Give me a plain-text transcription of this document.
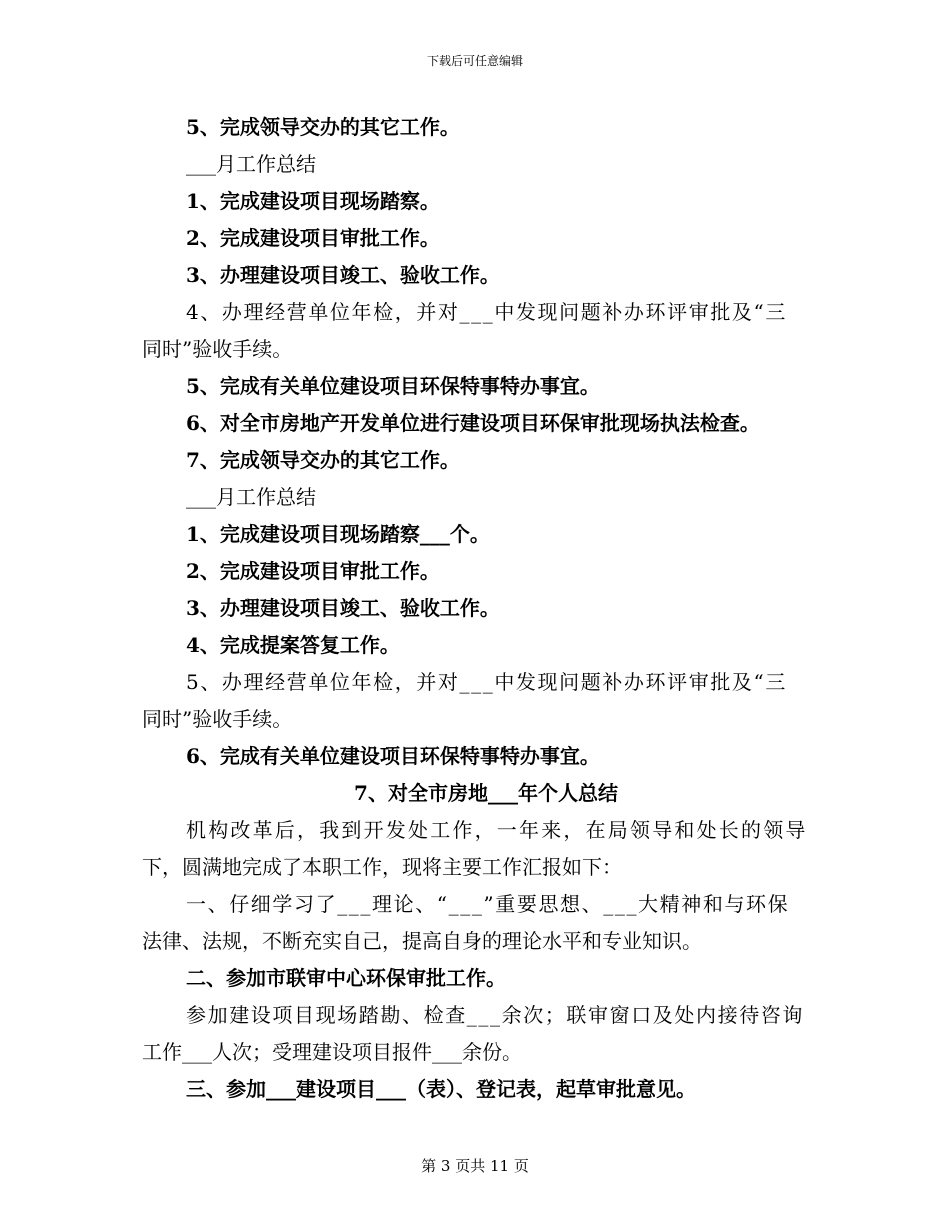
下载后可任意编辑

5、完成领导交办的其它工作。

___月工作总结

1、完成建设项目现场踏察。

2、完成建设项目审批工作。

3、办理建设项目竣工、验收工作。

4、办理经营单位年检，并对___中发现问题补办环评审批及“三

同时”验收手续。

5、完成有关单位建设项目环保特事特办事宜。

6、对全市房地产开发单位进行建设项目环保审批现场执法检查。

7、完成领导交办的其它工作。

___月工作总结

1、完成建设项目现场踏察___个。

2、完成建设项目审批工作。

3、办理建设项目竣工、验收工作。

4、完成提案答复工作。

5、办理经营单位年检，并对___中发现问题补办环评审批及“三

同时”验收手续。

6、完成有关单位建设项目环保特事特办事宜。

7、对全市房地___年个人总结

机构改革后，我到开发处工作，一年来，在局领导和处长的领导

下，圆满地完成了本职工作，现将主要工作汇报如下：

一、仔细学习了___理论、“___”重要思想、___大精神和与环保

法律、法规，不断充实自己，提高自身的理论水平和专业知识。

二、参加市联审中心环保审批工作。

参加建设项目现场踏勘、检查___余次；联审窗口及处内接待咨询

工作___人次；受理建设项目报件___余份。

三、参加___建设项目___（表）、登记表，起草审批意见。

第 3 页共 11 页
